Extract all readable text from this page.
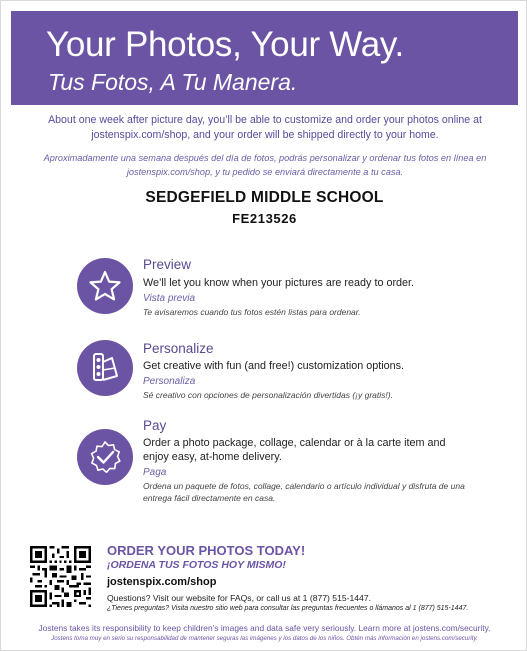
Your Photos, Your Way.
Tus Fotos, A Tu Manera.
About one week after picture day, you’ll be able to customize and order your photos online at jostenspix.com/shop, and your order will be shipped directly to your home.
Aproximadamente una semana después del día de fotos, podrás personalizar y ordenar tus fotos en línea en jostenspix.com/shop, y tu pedido se enviará directamente a tu casa.
SEDGEFIELD MIDDLE SCHOOL
FE213526
Preview
We’ll let you know when your pictures are ready to order.
Vista previa
Te avisaremos cuando tus fotos estén listas para ordenar.
Personalize
Get creative with fun (and free!) customization options.
Personaliza
Sé creativo con opciones de personalización divertidas (¡y gratis!).
Pay
Order a photo package, collage, calendar or à la carte item and enjoy easy, at-home delivery.
Paga
Ordena un paquete de fotos, collage, calendario o artículo individual y disfruta de una entrega fácil directamente en casa.
ORDER YOUR PHOTOS TODAY!
¡ORDENA TUS FOTOS HOY MISMO!
jostenspix.com/shop
Questions? Visit our website for FAQs, or call us at 1 (877) 515-1447.
¿Tienes preguntas? Visita nuestro sitio web para consultar las preguntas frecuentes o llámanos al 1 (877) 515-1447.
Jostens takes its responsibility to keep children’s images and data safe very seriously. Learn more at jostens.com/security.
Jostens toma muy en serio su responsabilidad de mantener seguras las imágenes y los datos de los niños. Obtén más información en jostens.com/security.
